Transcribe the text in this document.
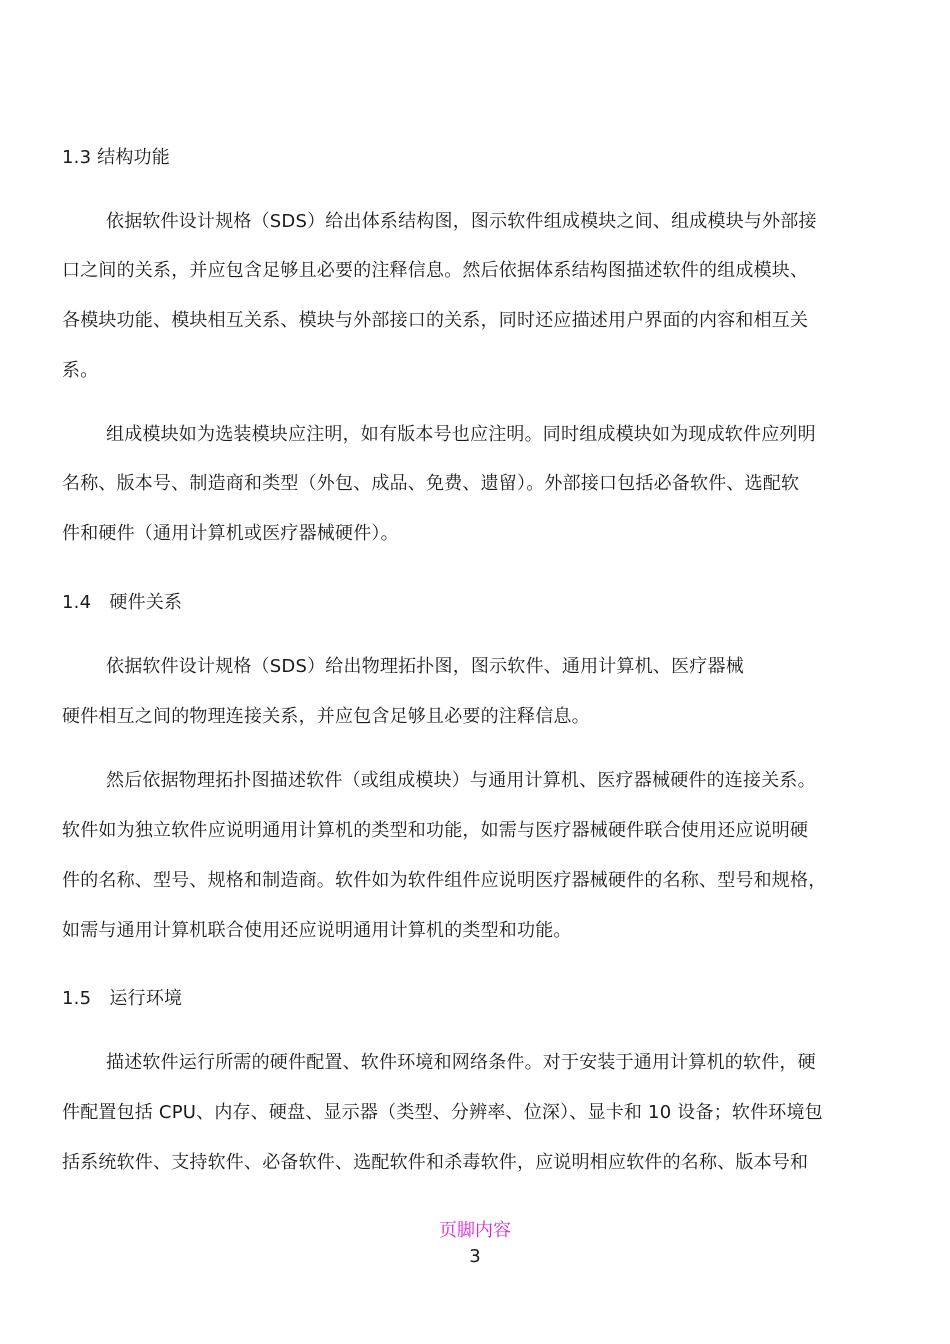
1.3 结构功能
依据软件设计规格（SDS）给出体系结构图，图示软件组成模块之间、组成模块与外部接
口之间的关系，并应包含足够且必要的注释信息。然后依据体系结构图描述软件的组成模块、
各模块功能、模块相互关系、模块与外部接口的关系，同时还应描述用户界面的内容和相互关
系。
组成模块如为选装模块应注明，如有版本号也应注明。同时组成模块如为现成软件应列明
名称、版本号、制造商和类型（外包、成品、免费、遗留）。外部接口包括必备软件、选配软
件和硬件（通用计算机或医疗器械硬件）。
1.4　硬件关系
依据软件设计规格（SDS）给出物理拓扑图，图示软件、通用计算机、医疗器械
硬件相互之间的物理连接关系，并应包含足够且必要的注释信息。
然后依据物理拓扑图描述软件（或组成模块）与通用计算机、医疗器械硬件的连接关系。
软件如为独立软件应说明通用计算机的类型和功能，如需与医疗器械硬件联合使用还应说明硬
件的名称、型号、规格和制造商。软件如为软件组件应说明医疗器械硬件的名称、型号和规格，
如需与通用计算机联合使用还应说明通用计算机的类型和功能。
1.5　运行环境
描述软件运行所需的硬件配置、软件环境和网络条件。对于安装于通用计算机的软件，硬
件配置包括 CPU、内存、硬盘、显示器（类型、分辨率、位深）、显卡和 10 设备；软件环境包
括系统软件、支持软件、必备软件、选配软件和杀毒软件，应说明相应软件的名称、版本号和
页脚内容
3
